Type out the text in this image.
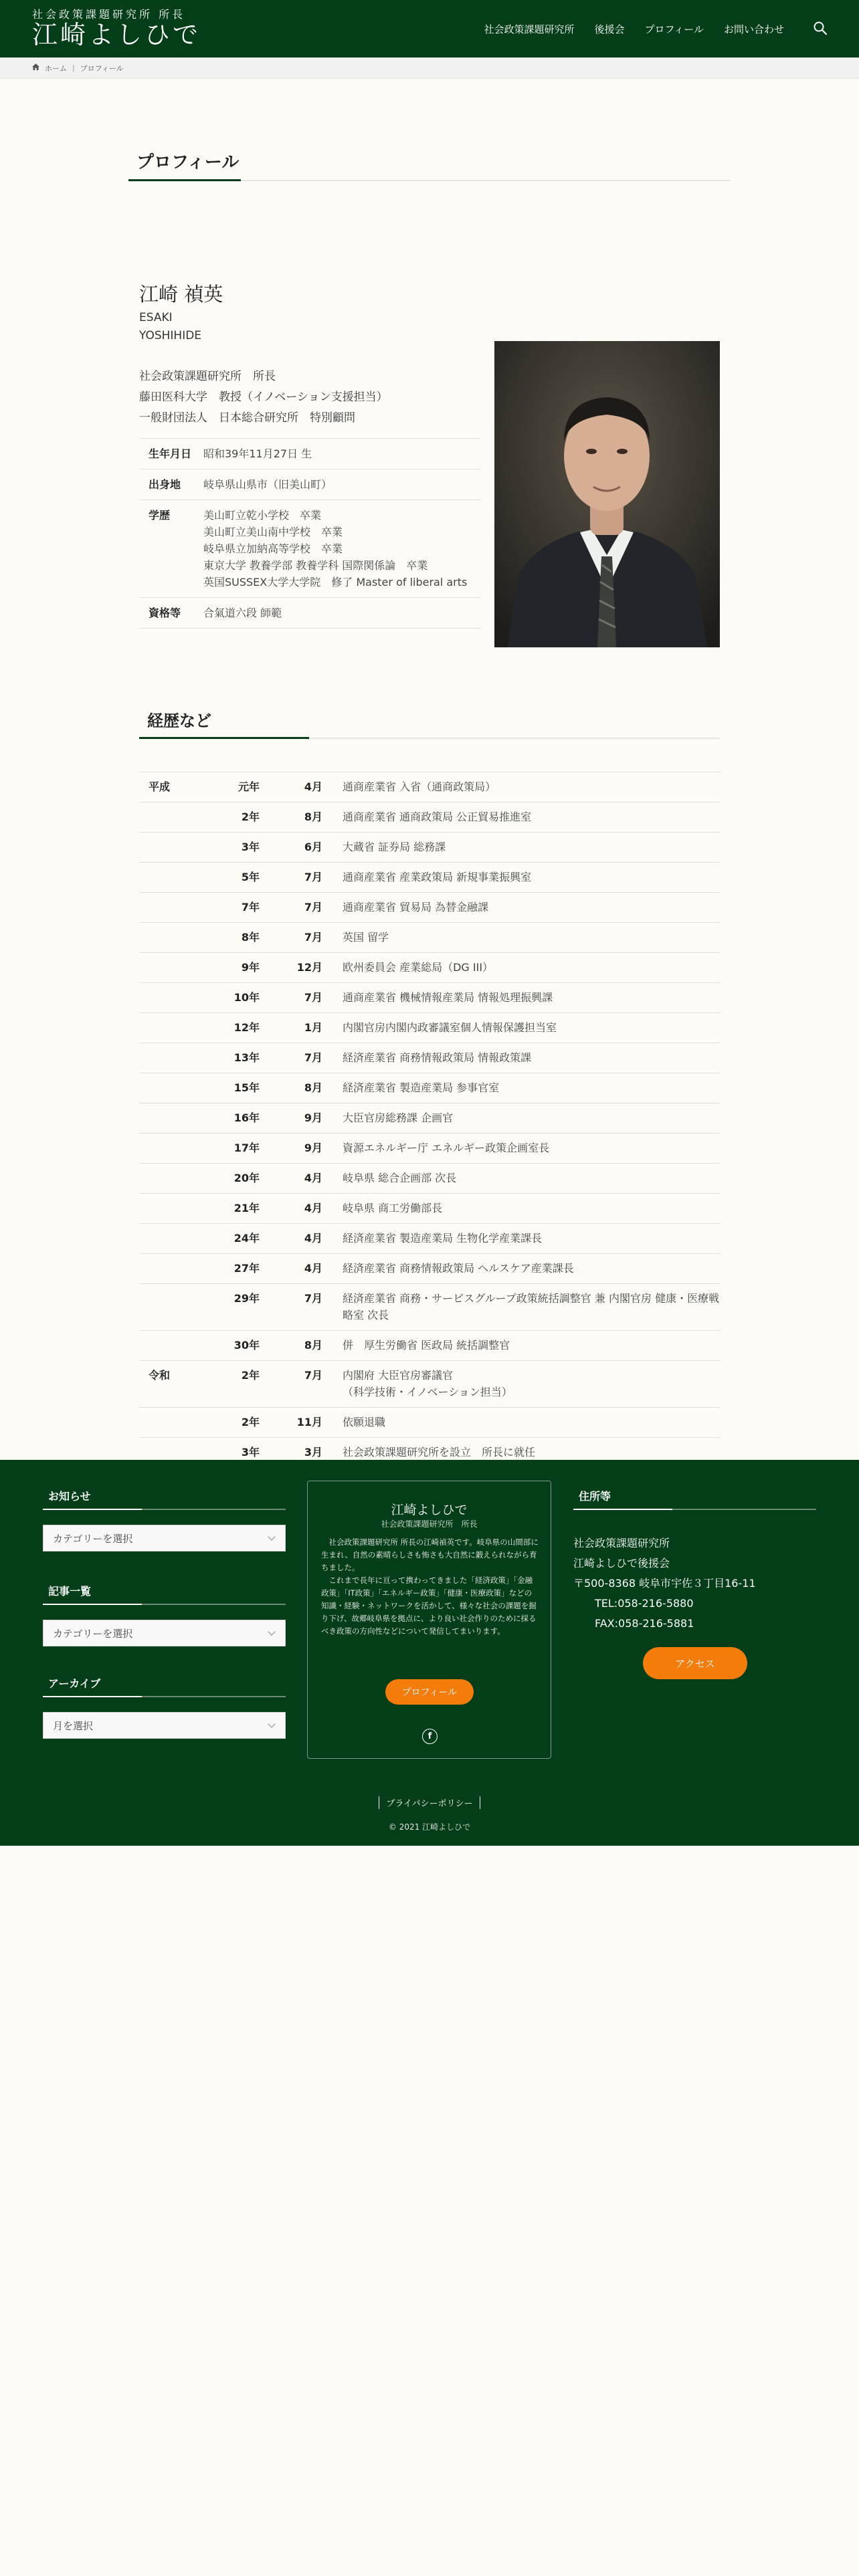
社会政策課題研究所 所長
江崎よしひで	社会政策課題研究所 後援会 プロフィール お問い合わせ
ホーム | プロフィール
プロフィール
江崎 禎英
ESAKI
YOSHIHIDE
社会政策課題研究所　所長
藤田医科大学　教授（イノベーション支援担当）
一般財団法人　日本総合研究所　特別顧問
生年月日	昭和39年11月27日 生

出身地	岐阜県山県市（旧美山町）

学歴	美山町立乾小学校　卒業
美山町立美山南中学校　卒業
岐阜県立加納高等学校　卒業
東京大学 教養学部 教養学科 国際関係論　卒業
英国SUSSEX大学大学院　修了 Master of liberal arts

資格等	合氣道六段 師範
経歴など
平成	元年	4月	通商産業省 入省（通商政策局）
	2年	8月	通商産業省 通商政策局 公正貿易推進室
	3年	6月	大蔵省 証券局 総務課
	5年	7月	通商産業省 産業政策局 新規事業振興室
	7年	7月	通商産業省 貿易局 為替金融課
	8年	7月	英国 留学
	9年	12月	欧州委員会 産業総局（DG III）
	10年	7月	通商産業省 機械情報産業局 情報処理振興課
	12年	1月	内閣官房内閣内政審議室個人情報保護担当室
	13年	7月	経済産業省 商務情報政策局 情報政策課
	15年	8月	経済産業省 製造産業局 参事官室
	16年	9月	大臣官房総務課 企画官
	17年	9月	資源エネルギー庁 エネルギー政策企画室長
	20年	4月	岐阜県 総合企画部 次長
	21年	4月	岐阜県 商工労働部長
	24年	4月	経済産業省 製造産業局 生物化学産業課長
	27年	4月	経済産業省 商務情報政策局 ヘルスケア産業課長
	29年	7月	経済産業省 商務・サービスグループ政策統括調整官 兼 内閣官房 健康・医療戦略室 次長
	30年	8月	併　厚生労働省 医政局 統括調整官
令和	2年	7月	内閣府 大臣官房審議官
（科学技術・イノベーション担当）
	2年	11月	依願退職
	3年	3月	社会政策課題研究所を設立　所長に就任
お知らせ
カテゴリーを選択
記事一覧
カテゴリーを選択
アーカイブ
月を選択
江崎よしひで
社会政策課題研究所　所長
　社会政策課題研究所 所長の江崎禎英です。岐阜県の山間部に生まれ、自然の素晴らしさも怖さも大自然に鍛えられながら育ちました。
　これまで長年に亘って携わってきました「経済政策」「金融政策」「IT政策」「エネルギー政策」「健康・医療政策」などの知識・経験・ネットワークを活かして、様々な社会の課題を掘り下げ、故郷岐阜県を拠点に、より良い社会作りのために採るべき政策の方向性などについて発信してまいります。
プロフィール
f
住所等
社会政策課題研究所
江崎よしひで後援会
〒500-8368 岐阜市宇佐３丁目16-11
TEL:058-216-5880
FAX:058-216-5881
アクセス
プライバシーポリシー
© 2021 江崎よしひで
